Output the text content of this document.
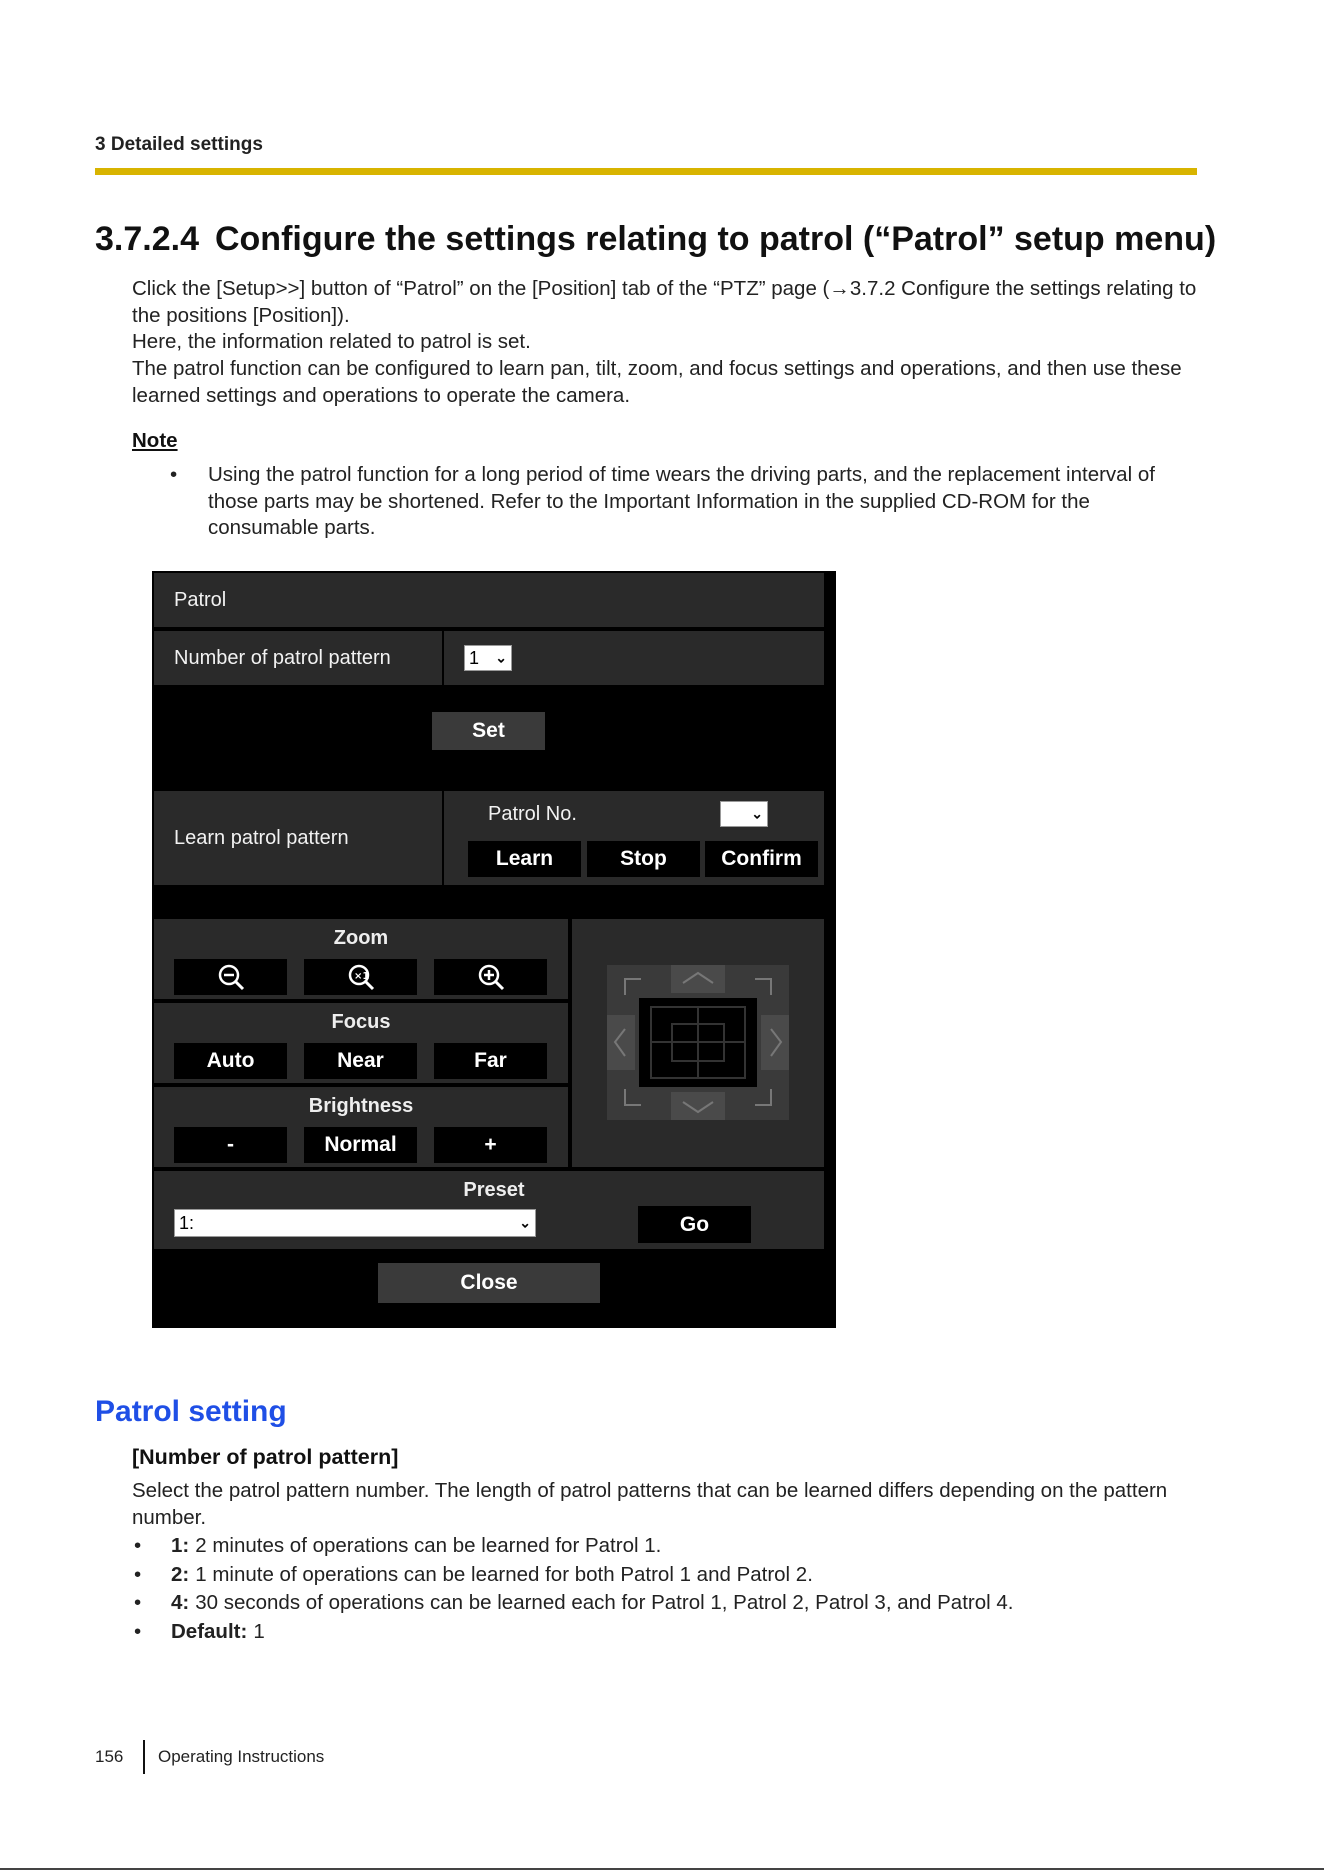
3 Detailed settings
3.7.2.4 Configure the settings relating to patrol (“Patrol” setup menu)

Click the [Setup>>] button of “Patrol” on the [Position] tab of the “PTZ” page (→3.7.2 Configure the settings relating to the positions [Position]).

Here, the information related to patrol is set.

The patrol function can be configured to learn pan, tilt, zoom, and focus settings and operations, and then use these learned settings and operations to operate the camera.

Note
• Using the patrol function for a long period of time wears the driving parts, and the replacement interval of those parts may be shortened. Refer to the Important Information in the supplied CD-ROM for the consumable parts.
Patrol
Number of patrol pattern	1 ⌄
Set
Learn patrol pattern
Patrol No.	⌄
Learn	Stop	Confirm
Zoom
×1
Focus
Auto	Near	Far
Brightness
-	Normal	+
Preset
1:	⌄	Go
Close
Patrol setting
[Number of patrol pattern]

Select the patrol pattern number. The length of patrol patterns that can be learned differs depending on the pattern number.

• 1: 2 minutes of operations can be learned for Patrol 1.
• 2: 1 minute of operations can be learned for both Patrol 1 and Patrol 2.
• 4: 30 seconds of operations can be learned each for Patrol 1, Patrol 2, Patrol 3, and Patrol 4.
• Default: 1
156 Operating Instructions
